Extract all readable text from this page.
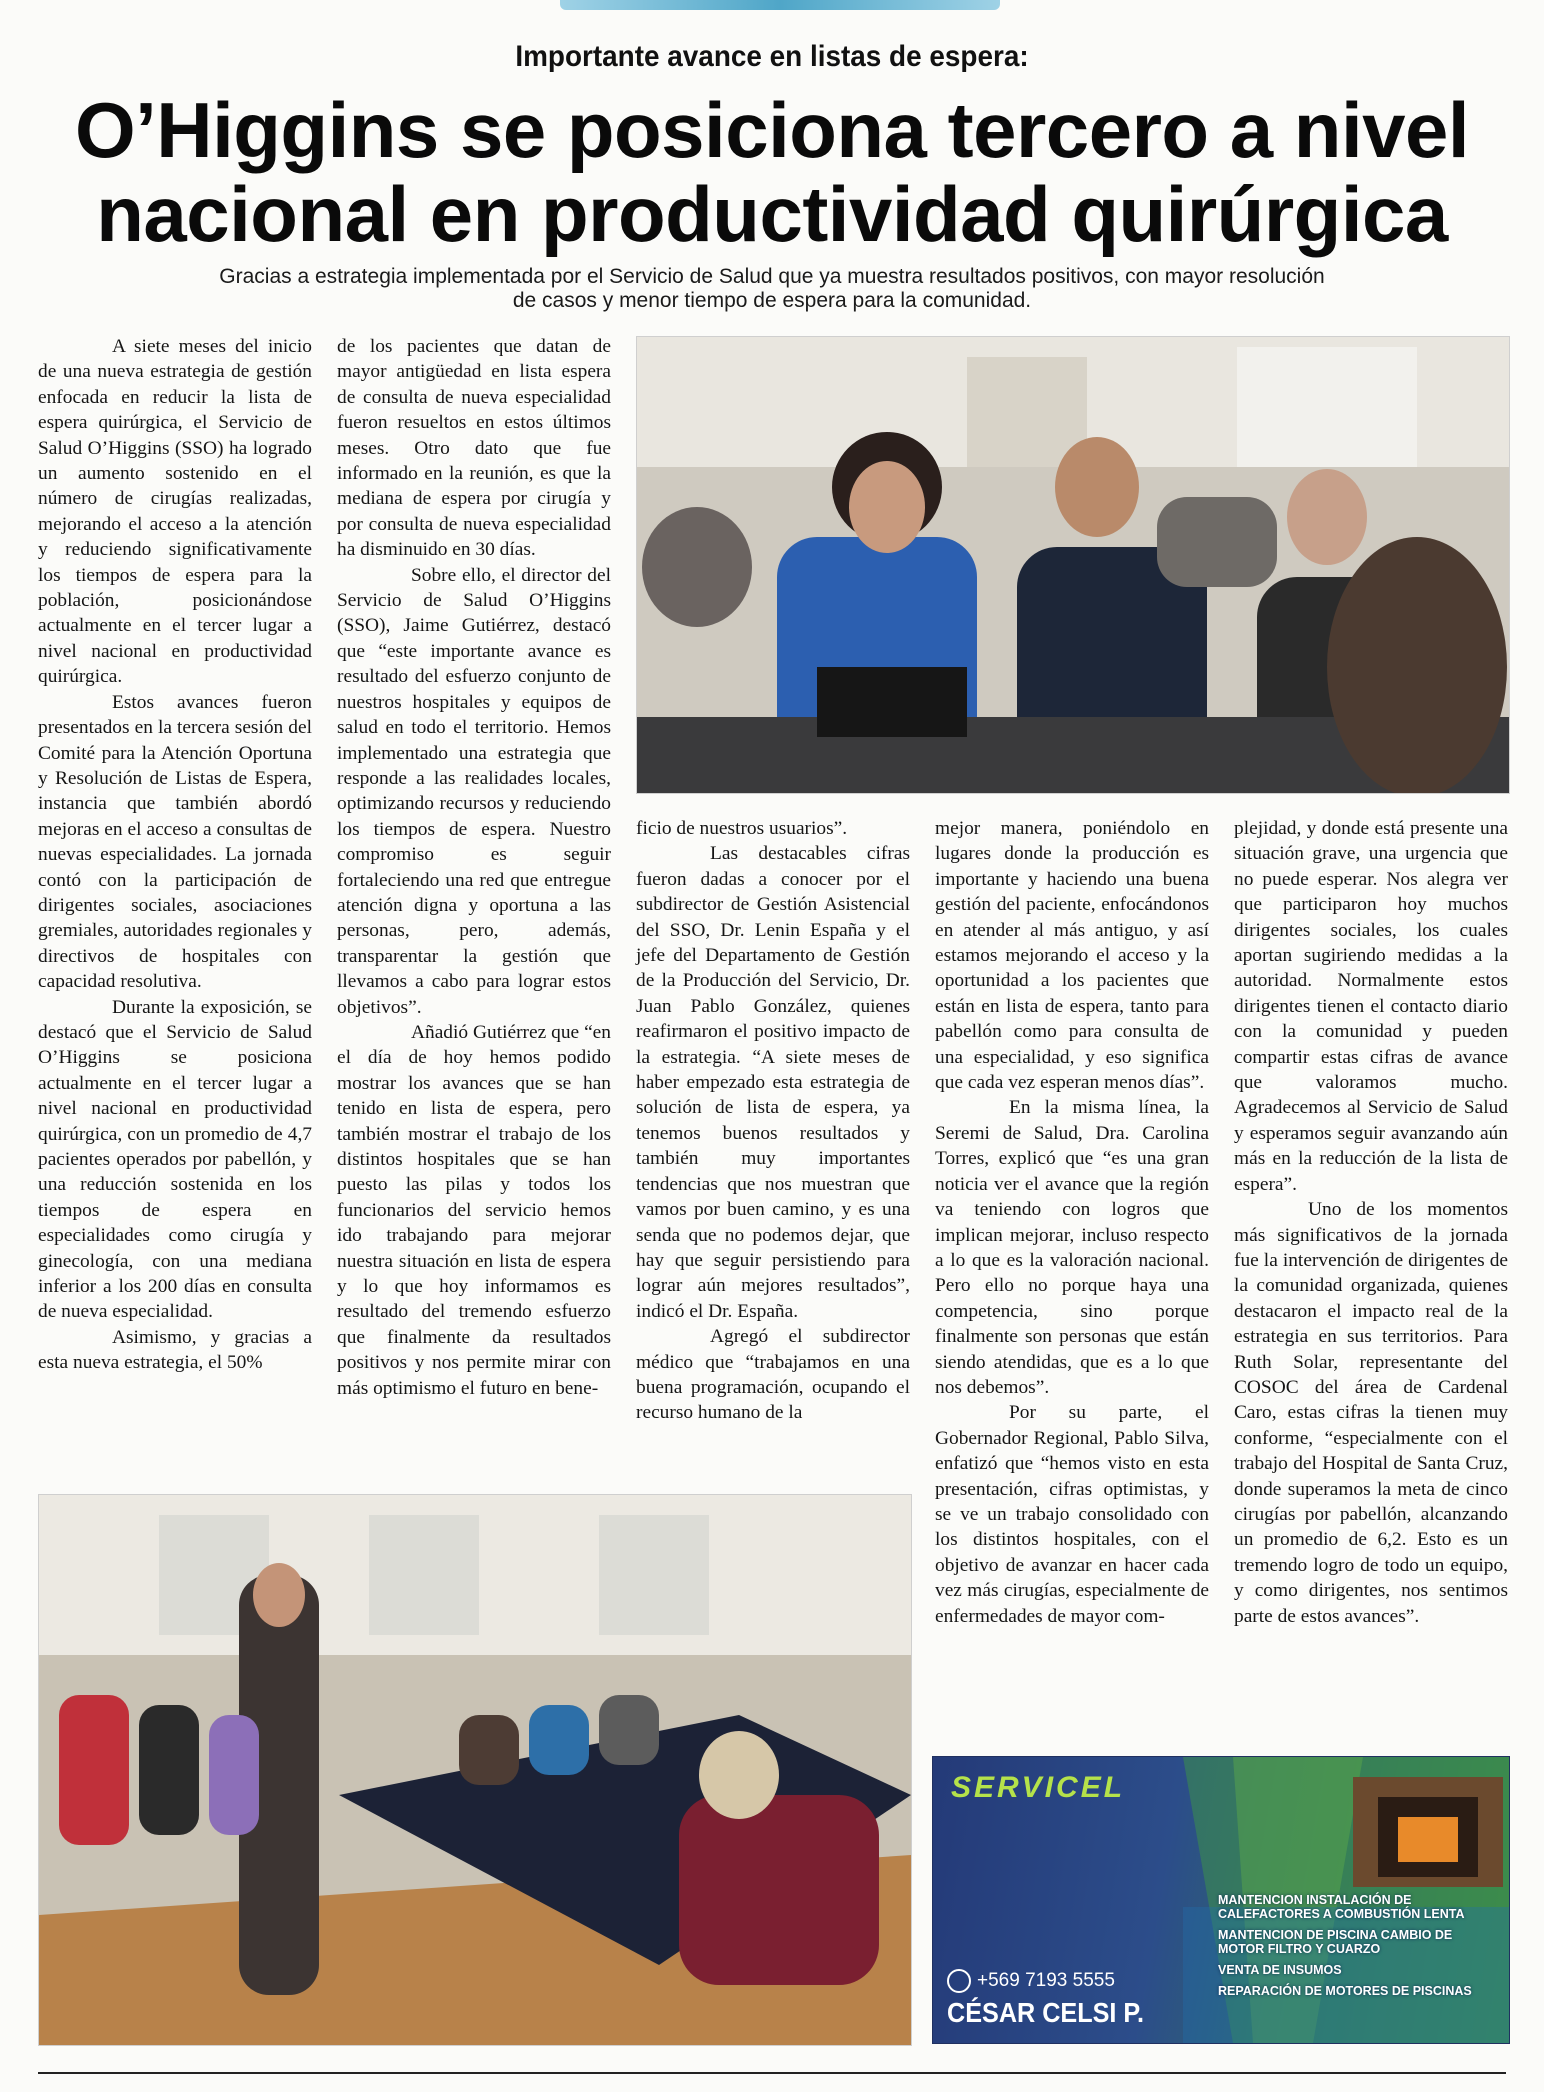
Importante avance en listas de espera:
O’Higgins se posiciona tercero a nivel
nacional en productividad quirúrgica
Gracias a estrategia implementada por el Servicio de Salud que ya muestra resultados positivos, con mayor resolución
de casos y menor tiempo de espera para la comunidad.

A siete meses del inicio de una nueva estrategia de gestión enfocada en reducir la lista de espera quirúrgica, el Servicio de Salud O’Higgins (SSO) ha logrado un aumento sostenido en el número de cirugías realizadas, mejorando el acceso a la atención y reduciendo significativamente los tiempos de espera para la población, posicionándose actualmente en el tercer lugar a nivel nacional en productividad quirúrgica.

Estos avances fueron presentados en la tercera sesión del Comité para la Atención Oportuna y Resolución de Listas de Espera, instancia que también abordó mejoras en el acceso a consultas de nuevas especialidades. La jornada contó con la participación de dirigentes sociales, asociaciones gremiales, autoridades regionales y directivos de hospitales con capacidad resolutiva.

Durante la exposición, se destacó que el Servicio de Salud O’Higgins se posiciona actualmente en el tercer lugar a nivel nacional en productividad quirúrgica, con un promedio de 4,7 pacientes operados por pabellón, y una reducción sostenida en los tiempos de espera en especialidades como cirugía y ginecología, con una mediana inferior a los 200 días en consulta de nueva especialidad.

Asimismo, y gracias a esta nueva estrategia, el 50%

de los pacientes que datan de mayor antigüedad en lista espera de consulta de nueva especialidad fueron resueltos en estos últimos meses. Otro dato que fue informado en la reunión, es que la mediana de espera por cirugía y por consulta de nueva especialidad ha disminuido en 30 días.

Sobre ello, el director del Servicio de Salud O’Higgins (SSO), Jaime Gutiérrez, destacó que “este importante avance es resultado del esfuerzo conjunto de nuestros hospitales y equipos de salud en todo el territorio. Hemos implementado una estrategia que responde a las realidades locales, optimizando recursos y reduciendo los tiempos de espera. Nuestro compromiso es seguir fortaleciendo una red que entregue atención digna y oportuna a las personas, pero, además, transparentar la gestión que llevamos a cabo para lograr estos objetivos”.

Añadió Gutiérrez que “en el día de hoy hemos podido mostrar los avances que se han tenido en lista de espera, pero también mostrar el trabajo de los distintos hospitales que se han puesto las pilas y todos los funcionarios del servicio hemos ido trabajando para mejorar nuestra situación en lista de espera y lo que hoy informamos es resultado del tremendo esfuerzo que finalmente da resultados positivos y nos permite mirar con más optimismo el futuro en bene-

ficio de nuestros usuarios”.

Las destacables cifras fueron dadas a conocer por el subdirector de Gestión Asistencial del SSO, Dr. Lenin España y el jefe del Departamento de Gestión de la Producción del Servicio, Dr. Juan Pablo González, quienes reafirmaron el positivo impacto de la estrategia. “A siete meses de haber empezado esta estrategia de solución de lista de espera, ya tenemos buenos resultados y también muy importantes tendencias que nos muestran que vamos por buen camino, y es una senda que no podemos dejar, que hay que seguir persistiendo para lograr aún mejores resultados”, indicó el Dr. España.

Agregó el subdirector médico que “trabajamos en una buena programación, ocupando el recurso humano de la

mejor manera, poniéndolo en lugares donde la producción es importante y haciendo una buena gestión del paciente, enfocándonos en atender al más antiguo, y así estamos mejorando el acceso y la oportunidad a los pacientes que están en lista de espera, tanto para pabellón como para consulta de una especialidad, y eso significa que cada vez esperan menos días”.

En la misma línea, la Seremi de Salud, Dra. Carolina Torres, explicó que “es una gran noticia ver el avance que la región va teniendo con logros que implican mejorar, incluso respecto a lo que es la valoración nacional. Pero ello no porque haya una competencia, sino porque finalmente son personas que están siendo atendidas, que es a lo que nos debemos”.

Por su parte, el Gobernador Regional, Pablo Silva, enfatizó que “hemos visto en esta presentación, cifras optimistas, y se ve un trabajo consolidado con los distintos hospitales, con el objetivo de avanzar en hacer cada vez más cirugías, especialmente de enfermedades de mayor com-

plejidad, y donde está presente una situación grave, una urgencia que no puede esperar. Nos alegra ver que participaron hoy muchos dirigentes sociales, los cuales aportan sugiriendo medidas a la autoridad. Normalmente estos dirigentes tienen el contacto diario con la comunidad y pueden compartir estas cifras de avance que valoramos mucho. Agradecemos al Servicio de Salud y esperamos seguir avanzando aún más en la reducción de la lista de espera”.

Uno de los momentos más significativos de la jornada fue la intervención de dirigentes de la comunidad organizada, quienes destacaron el impacto real de la estrategia en sus territorios. Para Ruth Solar, representante del COSOC del área de Cardenal Caro, estas cifras la tienen muy conforme, “especialmente con el trabajo del Hospital de Santa Cruz, donde superamos la meta de cinco cirugías por pabellón, alcanzando un promedio de 6,2. Esto es un tremendo logro de todo un equipo, y como dirigentes, nos sentimos parte de estos avances”.

SERVICEL
MANTENCION INSTALACIÓN DE CALEFACTORES A COMBUSTIÓN LENTA
MANTENCION DE PISCINA CAMBIO DE MOTOR FILTRO Y CUARZO
VENTA DE INSUMOS
REPARACIÓN DE MOTORES DE PISCINAS
+569 7193 5555
CÉSAR CELSI P.
